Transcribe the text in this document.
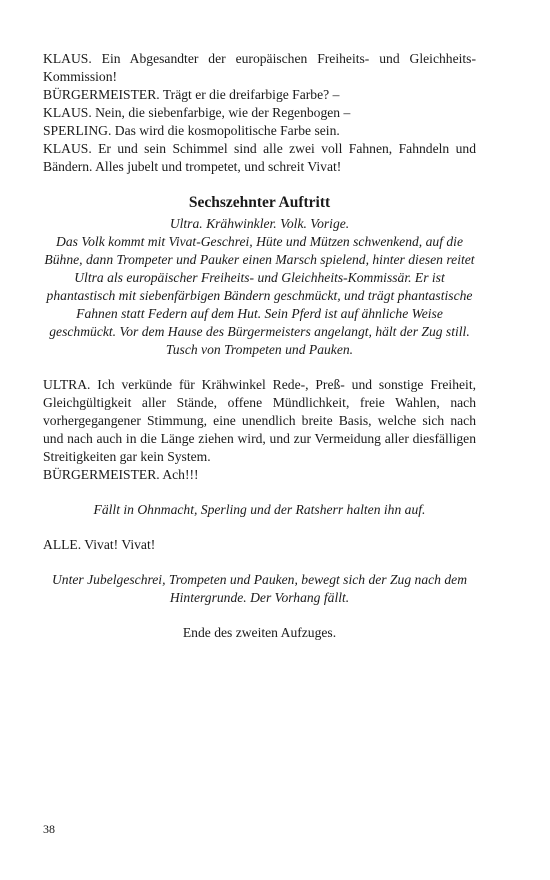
KLAUS. Ein Abgesandter der europäischen Freiheits- und Gleichheits-Kommission!
BÜRGERMEISTER. Trägt er die dreifarbige Farbe? –
KLAUS. Nein, die siebenfarbige, wie der Regenbogen –
SPERLING. Das wird die kosmopolitische Farbe sein.
KLAUS. Er und sein Schimmel sind alle zwei voll Fahnen, Fahndeln und Bändern. Alles jubelt und trompetet, und schreit Vivat!
Sechszehnter Auftritt
Ultra. Krähwinkler. Volk. Vorige.
Das Volk kommt mit Vivat-Geschrei, Hüte und Mützen schwenkend, auf die Bühne, dann Trompeter und Pauker einen Marsch spielend, hinter diesen reitet Ultra als europäischer Freiheits- und Gleichheits-Kommissär. Er ist phantastisch mit siebenfärbigen Bändern geschmückt, und trägt phantastische Fahnen statt Federn auf dem Hut. Sein Pferd ist auf ähnliche Weise geschmückt. Vor dem Hause des Bürgermeisters angelangt, hält der Zug still. Tusch von Trompeten und Pauken.
ULTRA. Ich verkünde für Krähwinkel Rede-, Preß- und sonstige Freiheit, Gleichgültigkeit aller Stände, offene Mündlichkeit, freie Wahlen, nach vorhergegangener Stimmung, eine unendlich breite Basis, welche sich nach und nach auch in die Länge ziehen wird, und zur Vermeidung aller diesfälligen Streitigkeiten gar kein System.
BÜRGERMEISTER. Ach!!!
Fällt in Ohnmacht, Sperling und der Ratsherr halten ihn auf.
ALLE. Vivat! Vivat!
Unter Jubelgeschrei, Trompeten und Pauken, bewegt sich der Zug nach dem Hintergrunde. Der Vorhang fällt.
Ende des zweiten Aufzuges.
38
